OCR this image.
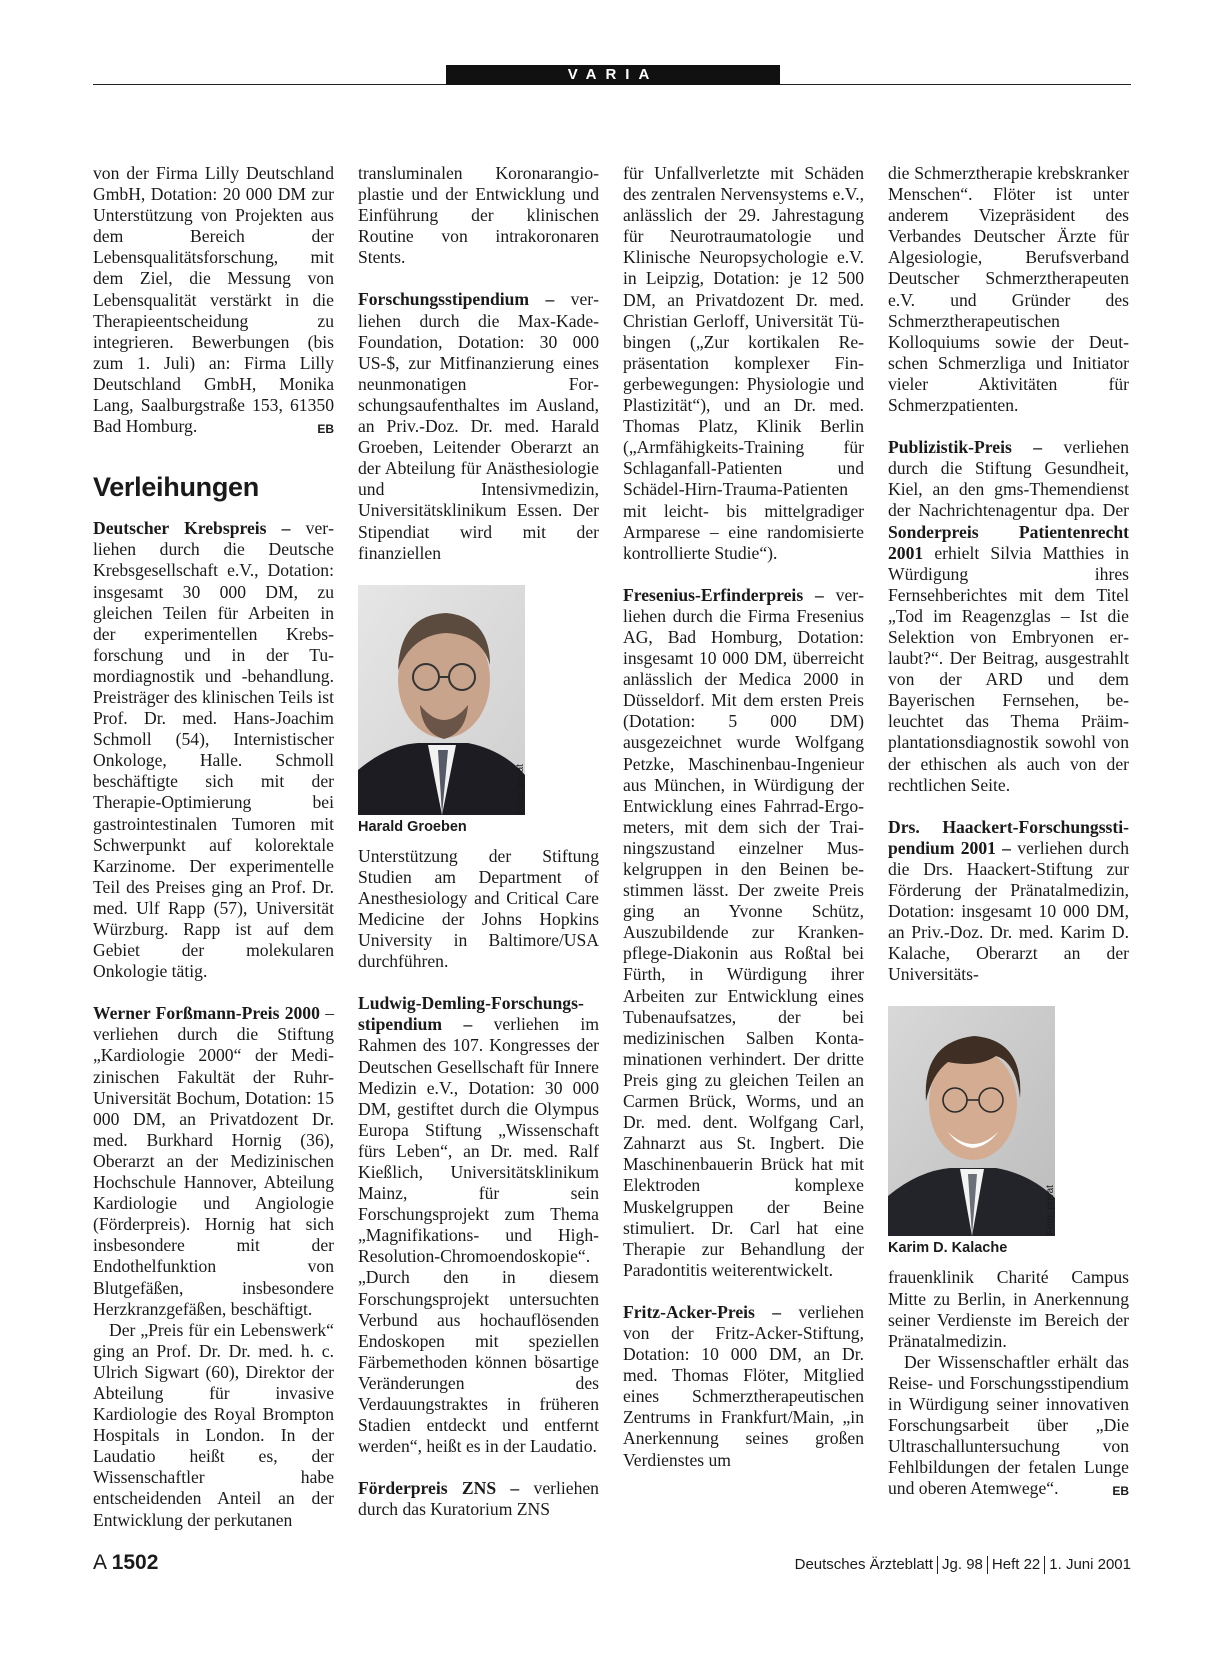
VARIA

von der Firma Lilly Deutschland GmbH, Dotation: 20 000 DM zur Unterstützung von Projekten aus dem Bereich der Lebensqualitätsforschung, mit dem Ziel, die Messung von Lebensqualität verstärkt in die Therapieentscheidung zu integrieren. Bewerbungen (bis zum 1. Juli) an: Firma Lilly Deutschland GmbH, Monika Lang, Saalburgstraße 153, 61350 Bad Homburg.	EB

Verleihungen

Deutscher Krebspreis – verliehen durch die Deutsche Krebsgesellschaft e.V., Dotation: insgesamt 30 000 DM, zu gleichen Teilen für Arbeiten in der experimentellen Krebsforschung und in der Tumordiagnostik und -behandlung. Preisträger des klinischen Teils ist Prof. Dr. med. Hans-Joachim Schmoll (54), Internistischer Onkologe, Halle. Schmoll beschäftigte sich mit der Therapie-Optimierung bei gastrointestinalen Tumoren mit Schwerpunkt auf kolorektale Karzinome. Der experimentelle Teil des Preises ging an Prof. Dr. med. Ulf Rapp (57), Universität Würzburg. Rapp ist auf dem Gebiet der molekularen Onkologie tätig.

Werner Forßmann-Preis 2000 – verliehen durch die Stiftung „Kardiologie 2000“ der Medizinischen Fakultät der Ruhr-Universität Bochum, Dotation: 15 000 DM, an Privatdozent Dr. med. Burkhard Hornig (36), Oberarzt an der Medizinischen Hochschule Hannover, Abteilung Kardiologie und Angiologie (Förderpreis). Hornig hat sich insbesondere mit der Endothelfunktion von Blutgefäßen, insbesondere Herzkranzgefäßen, beschäftigt.

Der „Preis für ein Lebenswerk“ ging an Prof. Dr. Dr. med. h. c. Ulrich Sigwart (60), Direktor der Abteilung für invasive Kardiologie des Royal Brompton Hospitals in London. In der Laudatio heißt es, der Wissenschaftler habe entscheidenden Anteil an der Entwicklung der perkutanen

transluminalen Koronarangioplastie und der Entwicklung und Einführung der klinischen Routine von intrakoronaren Stents.

Forschungsstipendium – verliehen durch die Max-Kade-Foundation, Dotation: 30 000 US-$, zur Mitfinanzierung eines neunmonatigen Forschungsaufenthaltes im Ausland, an Priv.-Doz. Dr. med. Harald Groeben, Leitender Oberarzt an der Abteilung für Anästhesiologie und Intensivmedizin, Universitätsklinikum Essen. Der Stipendiat wird mit der finanziellen

Foto: privat
Harald Groeben

Unterstützung der Stiftung Studien am Department of Anesthesiology and Critical Care Medicine der Johns Hopkins University in Baltimore/USA durchführen.

Ludwig-Demling-Forschungsstipendium – verliehen im Rahmen des 107. Kongresses der Deutschen Gesellschaft für Innere Medizin e.V., Dotation: 30 000 DM, gestiftet durch die Olympus Europa Stiftung „Wissenschaft fürs Leben“, an Dr. med. Ralf Kießlich, Universitätsklinikum Mainz, für sein Forschungsprojekt zum Thema „Magnifikations- und High-Resolution-Chromoendoskopie“. „Durch den in diesem Forschungsprojekt untersuchten Verbund aus hochauflösenden Endoskopen mit speziellen Färbemethoden können bösartige Veränderungen des Verdauungstraktes in früheren Stadien entdeckt und entfernt werden“, heißt es in der Laudatio.

Förderpreis ZNS – verliehen durch das Kuratorium ZNS

für Unfallverletzte mit Schäden des zentralen Nervensystems e.V., anlässlich der 29. Jahrestagung für Neurotraumatologie und Klinische Neuropsychologie e.V. in Leipzig, Dotation: je 12 500 DM, an Privatdozent Dr. med. Christian Gerloff, Universität Tübingen („Zur kortikalen Repräsentation komplexer Fingerbewegungen: Physiologie und Plastizität“), und an Dr. med. Thomas Platz, Klinik Berlin („Armfähigkeits-Training für Schlaganfall-Patienten und Schädel-Hirn-Trauma-Patienten mit leicht- bis mittelgradiger Armparese – eine randomisierte kontrollierte Studie“).

Fresenius-Erfinderpreis – verliehen durch die Firma Fresenius AG, Bad Homburg, Dotation: insgesamt 10 000 DM, überreicht anlässlich der Medica 2000 in Düsseldorf. Mit dem ersten Preis (Dotation: 5 000 DM) ausgezeichnet wurde Wolfgang Petzke, Maschinenbau-Ingenieur aus München, in Würdigung der Entwicklung eines Fahrrad-Ergometers, mit dem sich der Trainingszustand einzelner Muskelgruppen in den Beinen bestimmen lässt. Der zweite Preis ging an Yvonne Schütz, Auszubildende zur Krankenpflege-Diakonin aus Roßtal bei Fürth, in Würdigung ihrer Arbeiten zur Entwicklung eines Tubenaufsatzes, der bei medizinischen Salben Kontaminationen verhindert. Der dritte Preis ging zu gleichen Teilen an Carmen Brück, Worms, und an Dr. med. dent. Wolfgang Carl, Zahnarzt aus St. Ingbert. Die Maschinenbauerin Brück hat mit Elektroden komplexe Muskelgruppen der Beine stimuliert. Dr. Carl hat eine Therapie zur Behandlung der Paradontitis weiterentwickelt.

Fritz-Acker-Preis – verliehen von der Fritz-Acker-Stiftung, Dotation: 10 000 DM, an Dr. med. Thomas Flöter, Mitglied eines Schmerztherapeutischen Zentrums in Frankfurt/Main, „in Anerkennung seines großen Verdienstes um

die Schmerztherapie krebskranker Menschen“. Flöter ist unter anderem Vizepräsident des Verbandes Deutscher Ärzte für Algesiologie, Berufsverband Deutscher Schmerztherapeuten e.V. und Gründer des Schmerztherapeutischen Kolloquiums sowie der Deutschen Schmerzliga und Initiator vieler Aktivitäten für Schmerzpatienten.

Publizistik-Preis – verliehen durch die Stiftung Gesundheit, Kiel, an den gms-Themendienst der Nachrichtenagentur dpa. Der Sonderpreis Patientenrecht 2001 erhielt Silvia Matthies in Würdigung ihres Fernsehberichtes mit dem Titel „Tod im Reagenzglas – Ist die Selektion von Embryonen erlaubt?“. Der Beitrag, ausgestrahlt von der ARD und dem Bayerischen Fernsehen, beleuchtet das Thema Präimplantationsdiagnostik sowohl von der ethischen als auch von der rechtlichen Seite.

Drs. Haackert-Forschungsstipendium 2001 – verliehen durch die Drs. Haackert-Stiftung zur Förderung der Pränatalmedizin, Dotation: insgesamt 10 000 DM, an Priv.-Doz. Dr. med. Karim D. Kalache, Oberarzt an der Universitäts-

Foto: privat
Karim D. Kalache

frauenklinik Charité Campus Mitte zu Berlin, in Anerkennung seiner Verdienste im Bereich der Pränatalmedizin.

Der Wissenschaftler erhält das Reise- und Forschungsstipendium in Würdigung seiner innovativen Forschungsarbeit über „Die Ultraschalluntersuchung von Fehlbildungen der fetalen Lunge und oberen Atemwege“.	EB

A 1502	Deutsches Ärzteblatt Jg. 98 Heft 22 1. Juni 2001
